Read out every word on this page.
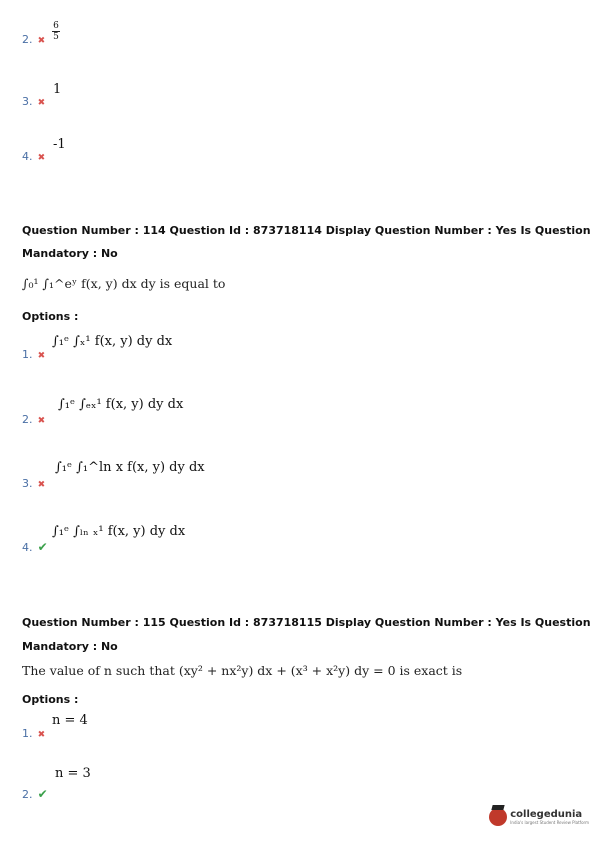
2. ✖ $\frac{6}{5}$
3. ✖
1
4. ✖
-1
Question Number : 114 Question Id : 873718114 Display Question Number : Yes Is Question
Mandatory : No
∫₀¹ ∫₁^eʸ f(x, y) dx dy is equal to
Options :
1. ✖
∫₁ᵉ ∫ₓ¹ f(x, y) dy dx
2. ✖
∫₁ᵉ ∫ₑₓ¹ f(x, y) dy dx
3. ✖
∫₁ᵉ ∫₁^ln x f(x, y) dy dx
4. ✔
∫₁ᵉ ∫ₗₙ ₓ¹ f(x, y) dy dx
Question Number : 115 Question Id : 873718115 Display Question Number : Yes Is Question
Mandatory : No
The value of n such that (xy² + nx²y) dx + (x³ + x²y) dy = 0 is exact is
Options :
1. ✖
n = 4
2. ✔
n = 3
collegedunia
India's largest Student Review Platform
